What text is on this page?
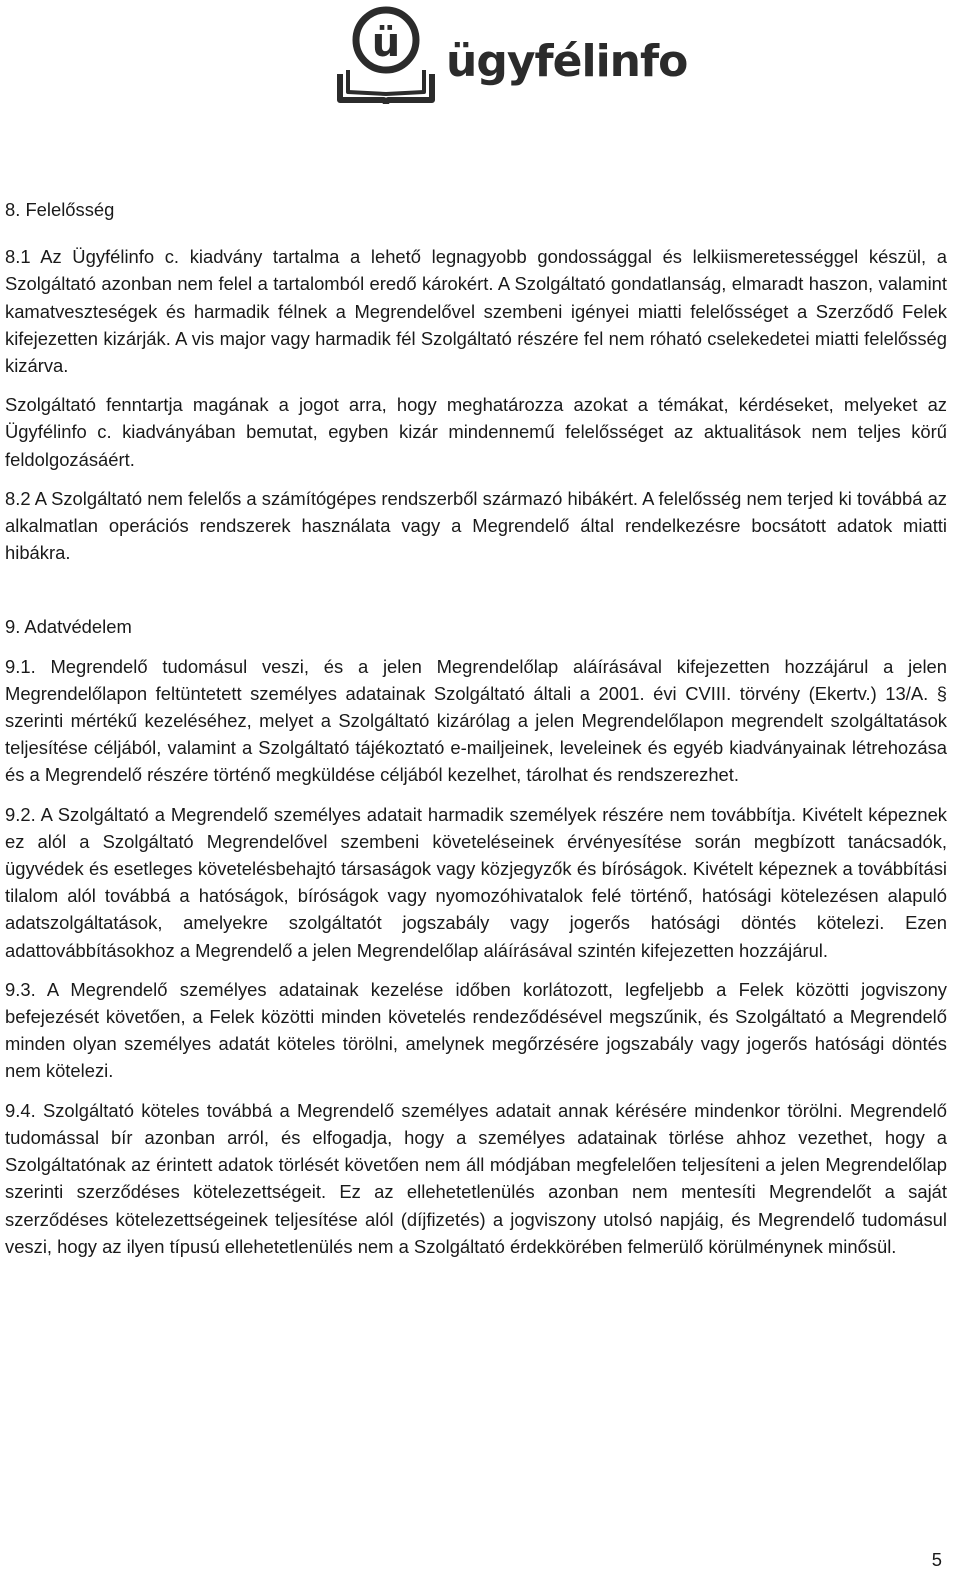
ü ügyfélinfo
8. Felelősség

8.1 Az Ügyfélinfo c. kiadvány tartalma a lehető legnagyobb gondossággal és lelkiismeretességgel készül, a Szolgáltató azonban nem felel a tartalomból eredő károkért. A Szolgáltató gondatlanság, elmaradt haszon, valamint kamatveszteségek és harmadik félnek a Megrendelővel szembeni igényei miatti felelősséget a Szerződő Felek kifejezetten kizárják. A vis major vagy harmadik fél Szolgáltató részére fel nem róható cselekedetei miatti felelősség kizárva.

Szolgáltató fenntartja magának a jogot arra, hogy meghatározza azokat a témákat, kérdéseket, melyeket az Ügyfélinfo c. kiadványában bemutat, egyben kizár mindennemű felelősséget az aktualitások nem teljes körű feldolgozásáért.

8.2 A Szolgáltató nem felelős a számítógépes rendszerből származó hibákért. A felelősség nem terjed ki továbbá az alkalmatlan operációs rendszerek használata vagy a Megrendelő által rendelkezésre bocsátott adatok miatti hibákra.

9. Adatvédelem

9.1. Megrendelő tudomásul veszi, és a jelen Megrendelőlap aláírásával kifejezetten hozzájárul a jelen Megrendelőlapon feltüntetett személyes adatainak Szolgáltató általi a 2001. évi CVIII. törvény (Ekertv.) 13/A. § szerinti mértékű kezeléséhez, melyet a Szolgáltató kizárólag a jelen Megrendelőlapon megrendelt szolgáltatások teljesítése céljából, valamint a Szolgáltató tájékoztató e-mailjeinek, leveleinek és egyéb kiadványainak létrehozása és a Megrendelő részére történő megküldése céljából kezelhet, tárolhat és rendszerezhet.

9.2. A Szolgáltató a Megrendelő személyes adatait harmadik személyek részére nem továbbítja. Kivételt képeznek ez alól a Szolgáltató Megrendelővel szembeni követeléseinek érvényesítése során megbízott tanácsadók, ügyvédek és esetleges követelésbehajtó társaságok vagy közjegyzők és bíróságok. Kivételt képeznek a továbbítási tilalom alól továbbá a hatóságok, bíróságok vagy nyomozóhivatalok felé történő, hatósági kötelezésen alapuló adatszolgáltatások, amelyekre szolgáltatót jogszabály vagy jogerős hatósági döntés kötelezi. Ezen adattovábbításokhoz a Megrendelő a jelen Megrendelőlap aláírásával szintén kifejezetten hozzájárul.

9.3. A Megrendelő személyes adatainak kezelése időben korlátozott, legfeljebb a Felek közötti jogviszony befejezését követően, a Felek közötti minden követelés rendeződésével megszűnik, és Szolgáltató a Megrendelő minden olyan személyes adatát köteles törölni, amelynek megőrzésére jogszabály vagy jogerős hatósági döntés nem kötelezi.

9.4. Szolgáltató köteles továbbá a Megrendelő személyes adatait annak kérésére mindenkor törölni. Megrendelő tudomással bír azonban arról, és elfogadja, hogy a személyes adatainak törlése ahhoz vezethet, hogy a Szolgáltatónak az érintett adatok törlését követően nem áll módjában megfelelően teljesíteni a jelen Megrendelőlap szerinti szerződéses kötelezettségeit. Ez az ellehetetlenülés azonban nem mentesíti Megrendelőt a saját szerződéses kötelezettségeinek teljesítése alól (díjfizetés) a jogviszony utolsó napjáig, és Megrendelő tudomásul veszi, hogy az ilyen típusú ellehetetlenülés nem a Szolgáltató érdekkörében felmerülő körülménynek minősül.

5
